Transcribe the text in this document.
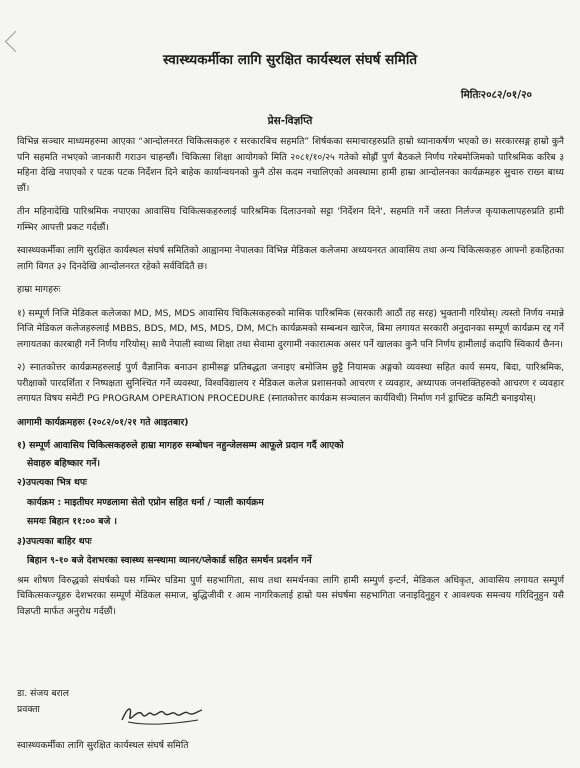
स्वास्थ्यकर्मीका लागि सुरक्षित कार्यस्थल संघर्ष समिति
मितिः२०८२/०१/२०
प्रेस-विज्ञप्ति

विभिन्न सञ्चार माध्यमहरुमा आएका “आन्दोलनरत चिकित्सकहरु र सरकारबिच सहमति” शिर्षकका समाचारहरुप्रति हाम्रो ध्यानाकर्षण भएको छ। सरकारसङ्ग हाम्रो कुनै पनि सहमति नभएको जानकारी गराउन चाहन्छौं। चिकित्सा शिक्षा आयोगको मिति २०८१/१०/२५ गतेको सोह्रौं पुर्ण बैठकले निर्णय गरेबमोजिमको पारिश्रमिक करिब ३ महिना देखि नपाएको र पटक पटक निर्देशन दिने बाहेक कार्यान्वयनको कुनै ठोस कदम नचालिएको अवस्थामा हामी हाम्रा आन्दोलनका कार्यक्रमहरु सुचारु राख्न बाध्य छौं।

तीन महिनादेखि पारिश्रमिक नपाएका आवासिय चिकित्सकहरुलाई पारिश्रमिक दिलाउनको सट्टा 'निर्देशन दिने', सहमति गर्ने जस्ता निर्लज्ज कृयाकलापहरुप्रति हामी गम्भिर आपत्ती प्रकट गर्दछौं।

स्वास्थ्यकर्मीका लागि सुरक्षित कार्यस्थल संघर्ष समितिको आह्वानमा नेपालका विभिन्न मेडिकल कलेजमा अध्ययनरत आवासिय तथा अन्य चिकित्सकहरु आफ्नो हकहितका लागि विगत ३२ दिनदेखि आन्दोलनरत रहेको सर्वविदितै छ।

हाम्रा मागहरुः

१) सम्पूर्ण निजि मेडिकल कलेजका MD, MS, MDS आवासिय चिकित्सकहरुको मासिक पारिश्रमिक (सरकारी आठौं तह सरह) भुक्तानी गरियोस्। त्यस्तो निर्णय नमान्ने निजि मेडिकल कलेजहरुलाई MBBS, BDS, MD, MS, MDS, DM, MCh कार्यक्रमको सम्बन्धन खारेज, बिमा लगायत सरकारी अनुदानका सम्पूर्ण कार्यक्रम रद्द गर्ने लगायतका कारबाही गर्ने निर्णय गरियोस्। साथै नेपाली स्वाथ्य शिक्षा तथा सेवामा दुरगामी नकारात्मक असर पर्ने खालका कुनै पनि निर्णय हामीलाई कदापि स्विकार्य छैनन।

२) स्नातकोत्तर कार्यक्रमहरुलाई पुर्ण वैज्ञानिक बनाउन हामीसङ्ग प्रतिबद्धता जनाइए बमोजिम छुट्टै नियामक अङ्गको व्यवस्था सहित कार्य समय, बिदा, पारिश्रमिक, परीक्षाको पारदर्शिता र निष्पक्षता सुनिश्चित गर्ने व्यवस्था, विश्वविद्यालय र मेडिकल कलेज प्रशासनको आचरण र व्यवहार, अध्यापक जनशक्तिहरुको आचरण र व्यवहार लगायत विषय समेटी PG PROGRAM OPERATION PROCEDURE (स्नातकोत्तर कार्यक्रम सञ्चालन कार्यविधी) निर्माण गर्न ड्राफ्टिङ कमिटी बनाइयोस्।

आगामी कार्यक्रमहरुः (२०८२/०१/२१ गते आइतबार)

१) सम्पूर्ण आवासिय चिकित्सकहरुले हाम्रा मागहरु सम्बोधन नहुन्जेलसम्म आफूले प्रदान गर्दै आएको

सेवाहरु बहिष्कार गर्ने।

२)उपत्यका भित्र थपः

कार्यक्रम : माइतीघर मण्डलामा सेतो एप्रोन सहित धर्ना / र्‍याली कार्यक्रम

समयः बिहान ११:०० बजे ।

३)उपत्यका बाहिर थपः

बिहान ९-१० बजे देशभरका स्वास्थ्य सन्स्थामा व्यानर/प्लेकार्ड सहित समर्थन प्रदर्शन गर्ने

श्रम शोषण विरुद्धको संघर्षको यस गम्भिर घडिमा पुर्ण सहभागिता, साथ तथा समर्थनका लागि हामी सम्पुर्ण इन्टर्न, मेडिकल अधिकृत, आवासिय लगायत सम्पुर्ण चिकित्सकज्यूहरु देशभरका सम्पूर्ण मेडिकल समाज, बुद्धिजीवी र आम नागरिकलाई हाम्रो यस संघर्षमा सहभागिता जनाइदिनुहुन र आवश्यक समन्वय गरिदिनुहुन यसै विज्ञप्ती मार्फत अनुरोध गर्दछौं।

डा. संजय बराल
प्रवक्ता
स्वास्थ्यकर्मीका लागि सुरक्षित कार्यस्थल संघर्ष समिति
